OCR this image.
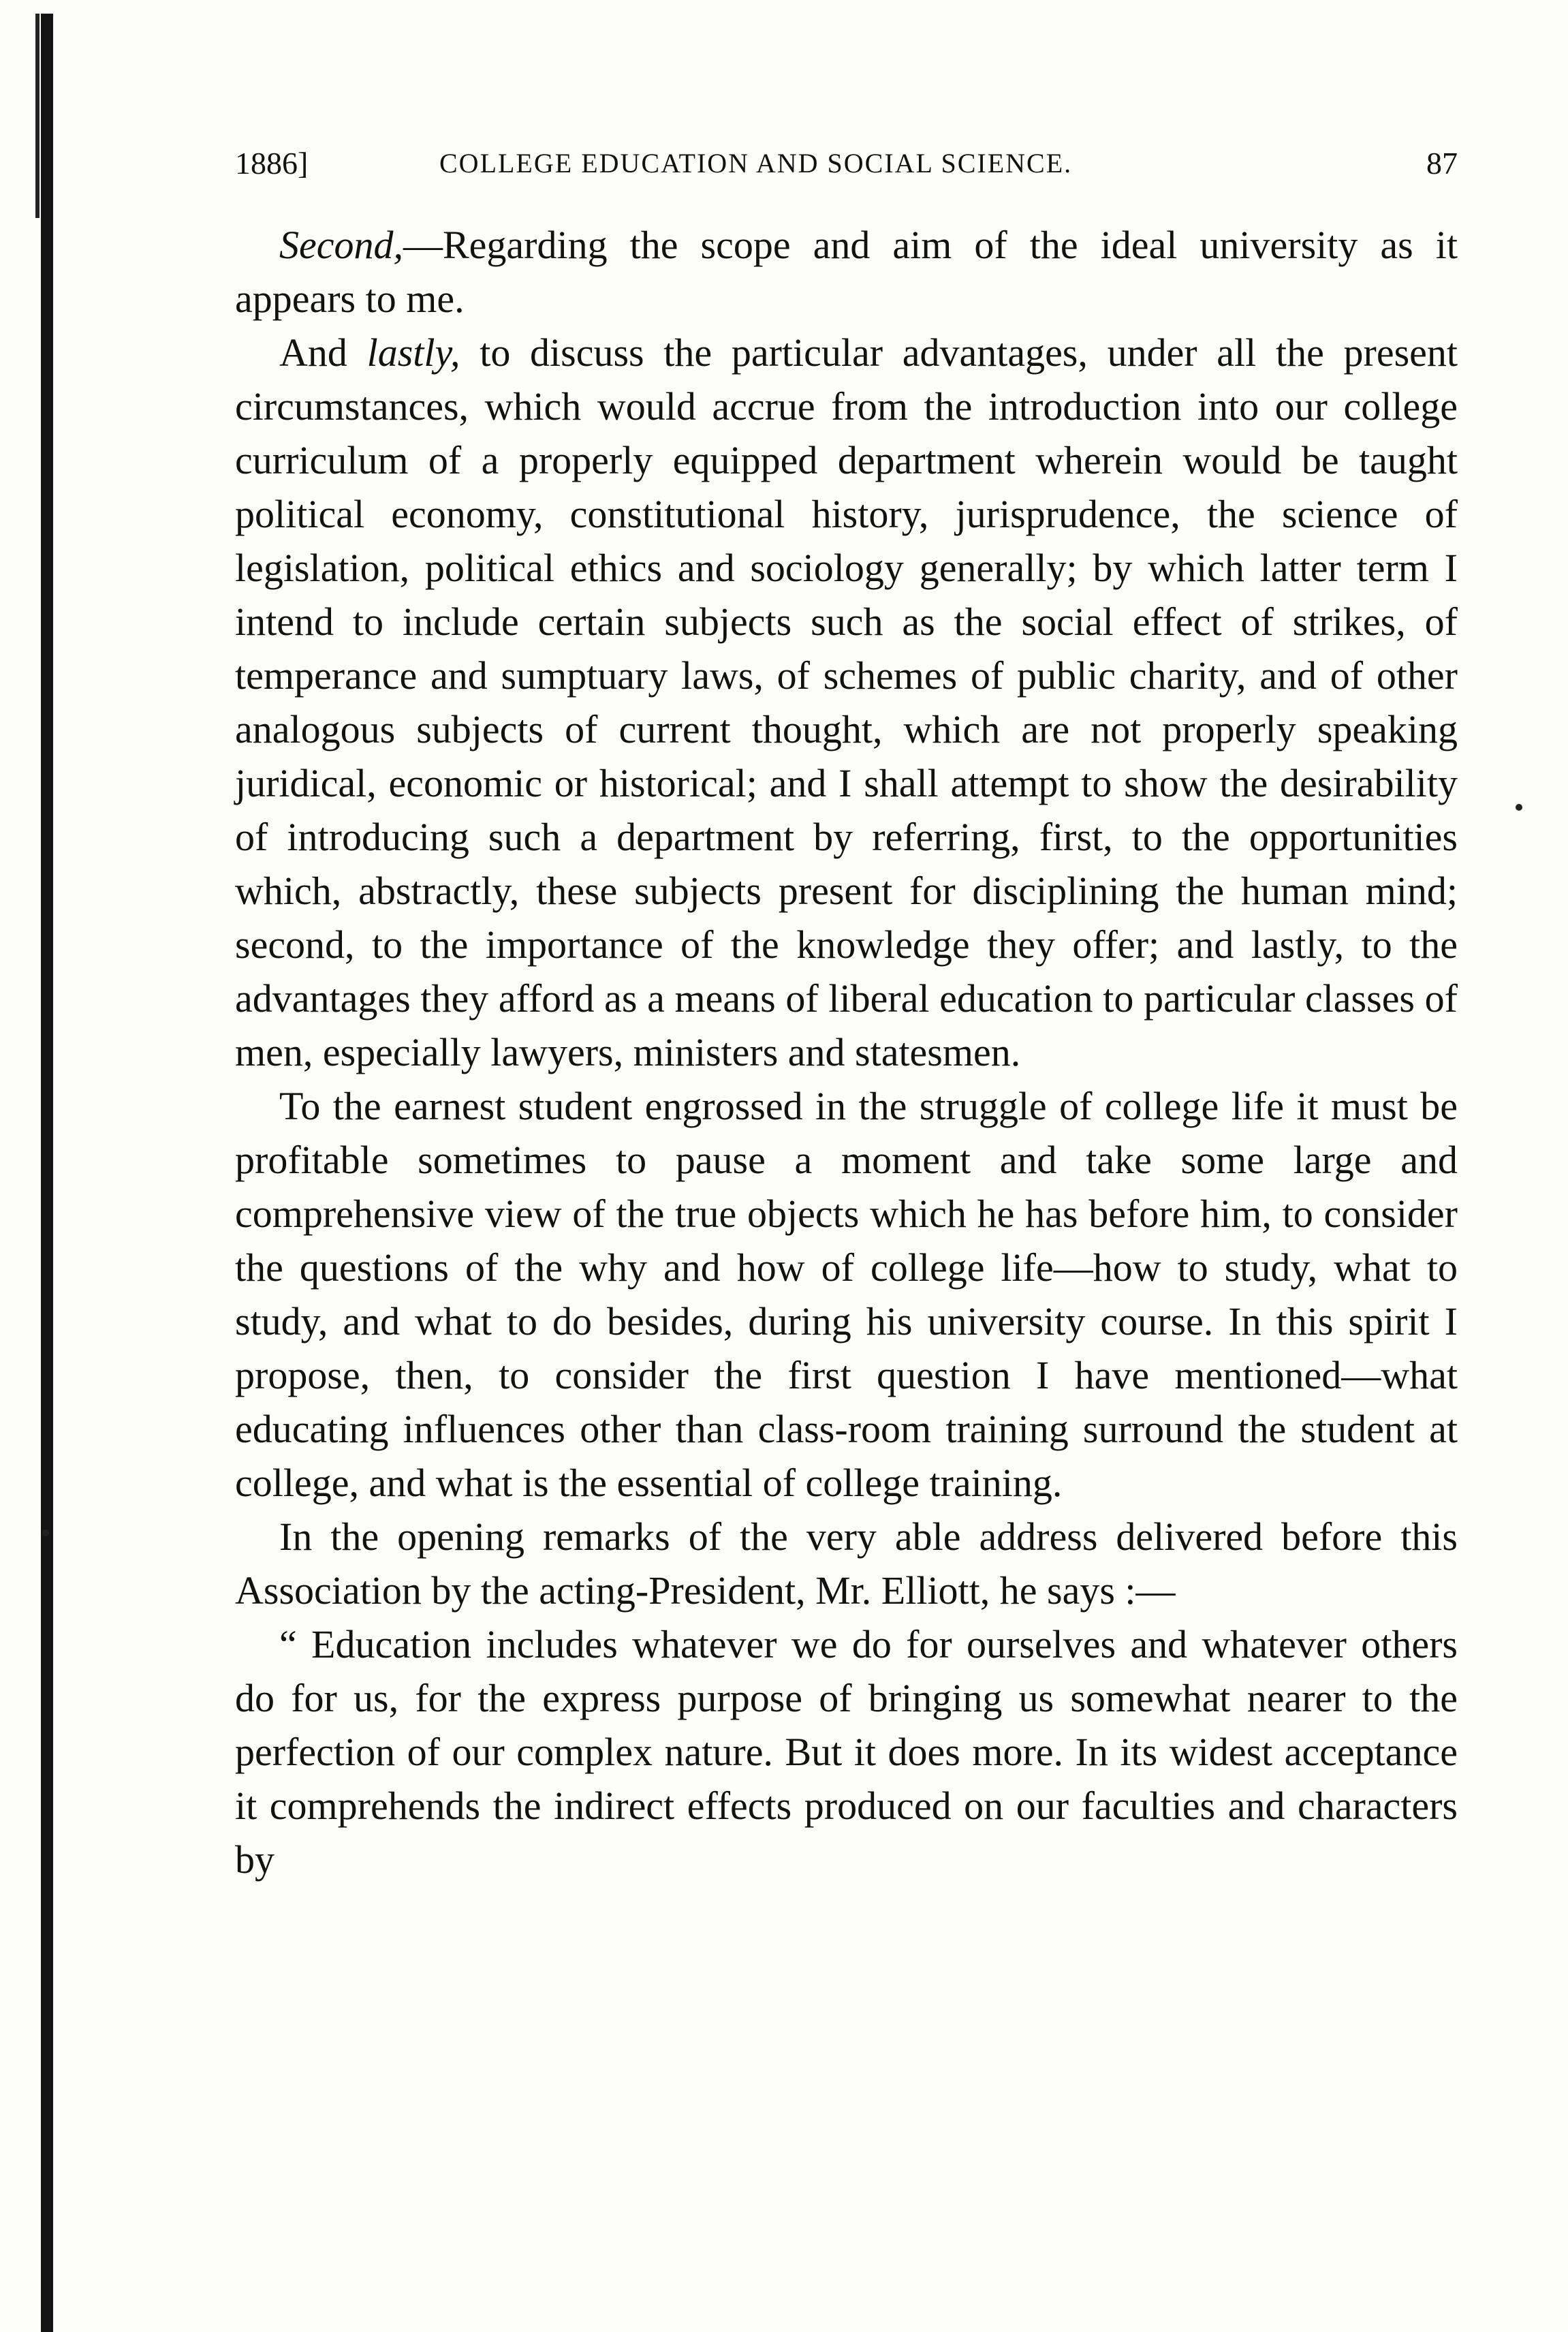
1886]	COLLEGE EDUCATION AND SOCIAL SCIENCE.	87

Second,—Regarding the scope and aim of the ideal university as it appears to me.

And lastly, to discuss the particular advantages, under all the present circumstances, which would accrue from the introduction into our college curriculum of a properly equipped department wherein would be taught political economy, constitutional history, jurisprudence, the science of legislation, political ethics and sociology generally; by which latter term I intend to include certain subjects such as the social effect of strikes, of temperance and sumptuary laws, of schemes of public charity, and of other analogous subjects of current thought, which are not properly speaking juridical, economic or historical; and I shall attempt to show the desirability of introducing such a department by referring, first, to the opportunities which, abstractly, these subjects present for disciplining the human mind; second, to the importance of the knowledge they offer; and lastly, to the advantages they afford as a means of liberal education to particular classes of men, especially lawyers, ministers and statesmen.

To the earnest student engrossed in the struggle of college life it must be profitable sometimes to pause a moment and take some large and comprehensive view of the true objects which he has before him, to consider the questions of the why and how of college life—how to study, what to study, and what to do besides, during his university course. In this spirit I propose, then, to consider the first question I have mentioned—what educating influences other than class-room training surround the student at college, and what is the essential of college training.

In the opening remarks of the very able address delivered before this Association by the acting-President, Mr. Elliott, he says :—

“ Education includes whatever we do for ourselves and whatever others do for us, for the express purpose of bringing us somewhat nearer to the perfection of our complex nature. But it does more. In its widest acceptance it comprehends the indirect effects produced on our faculties and characters by
